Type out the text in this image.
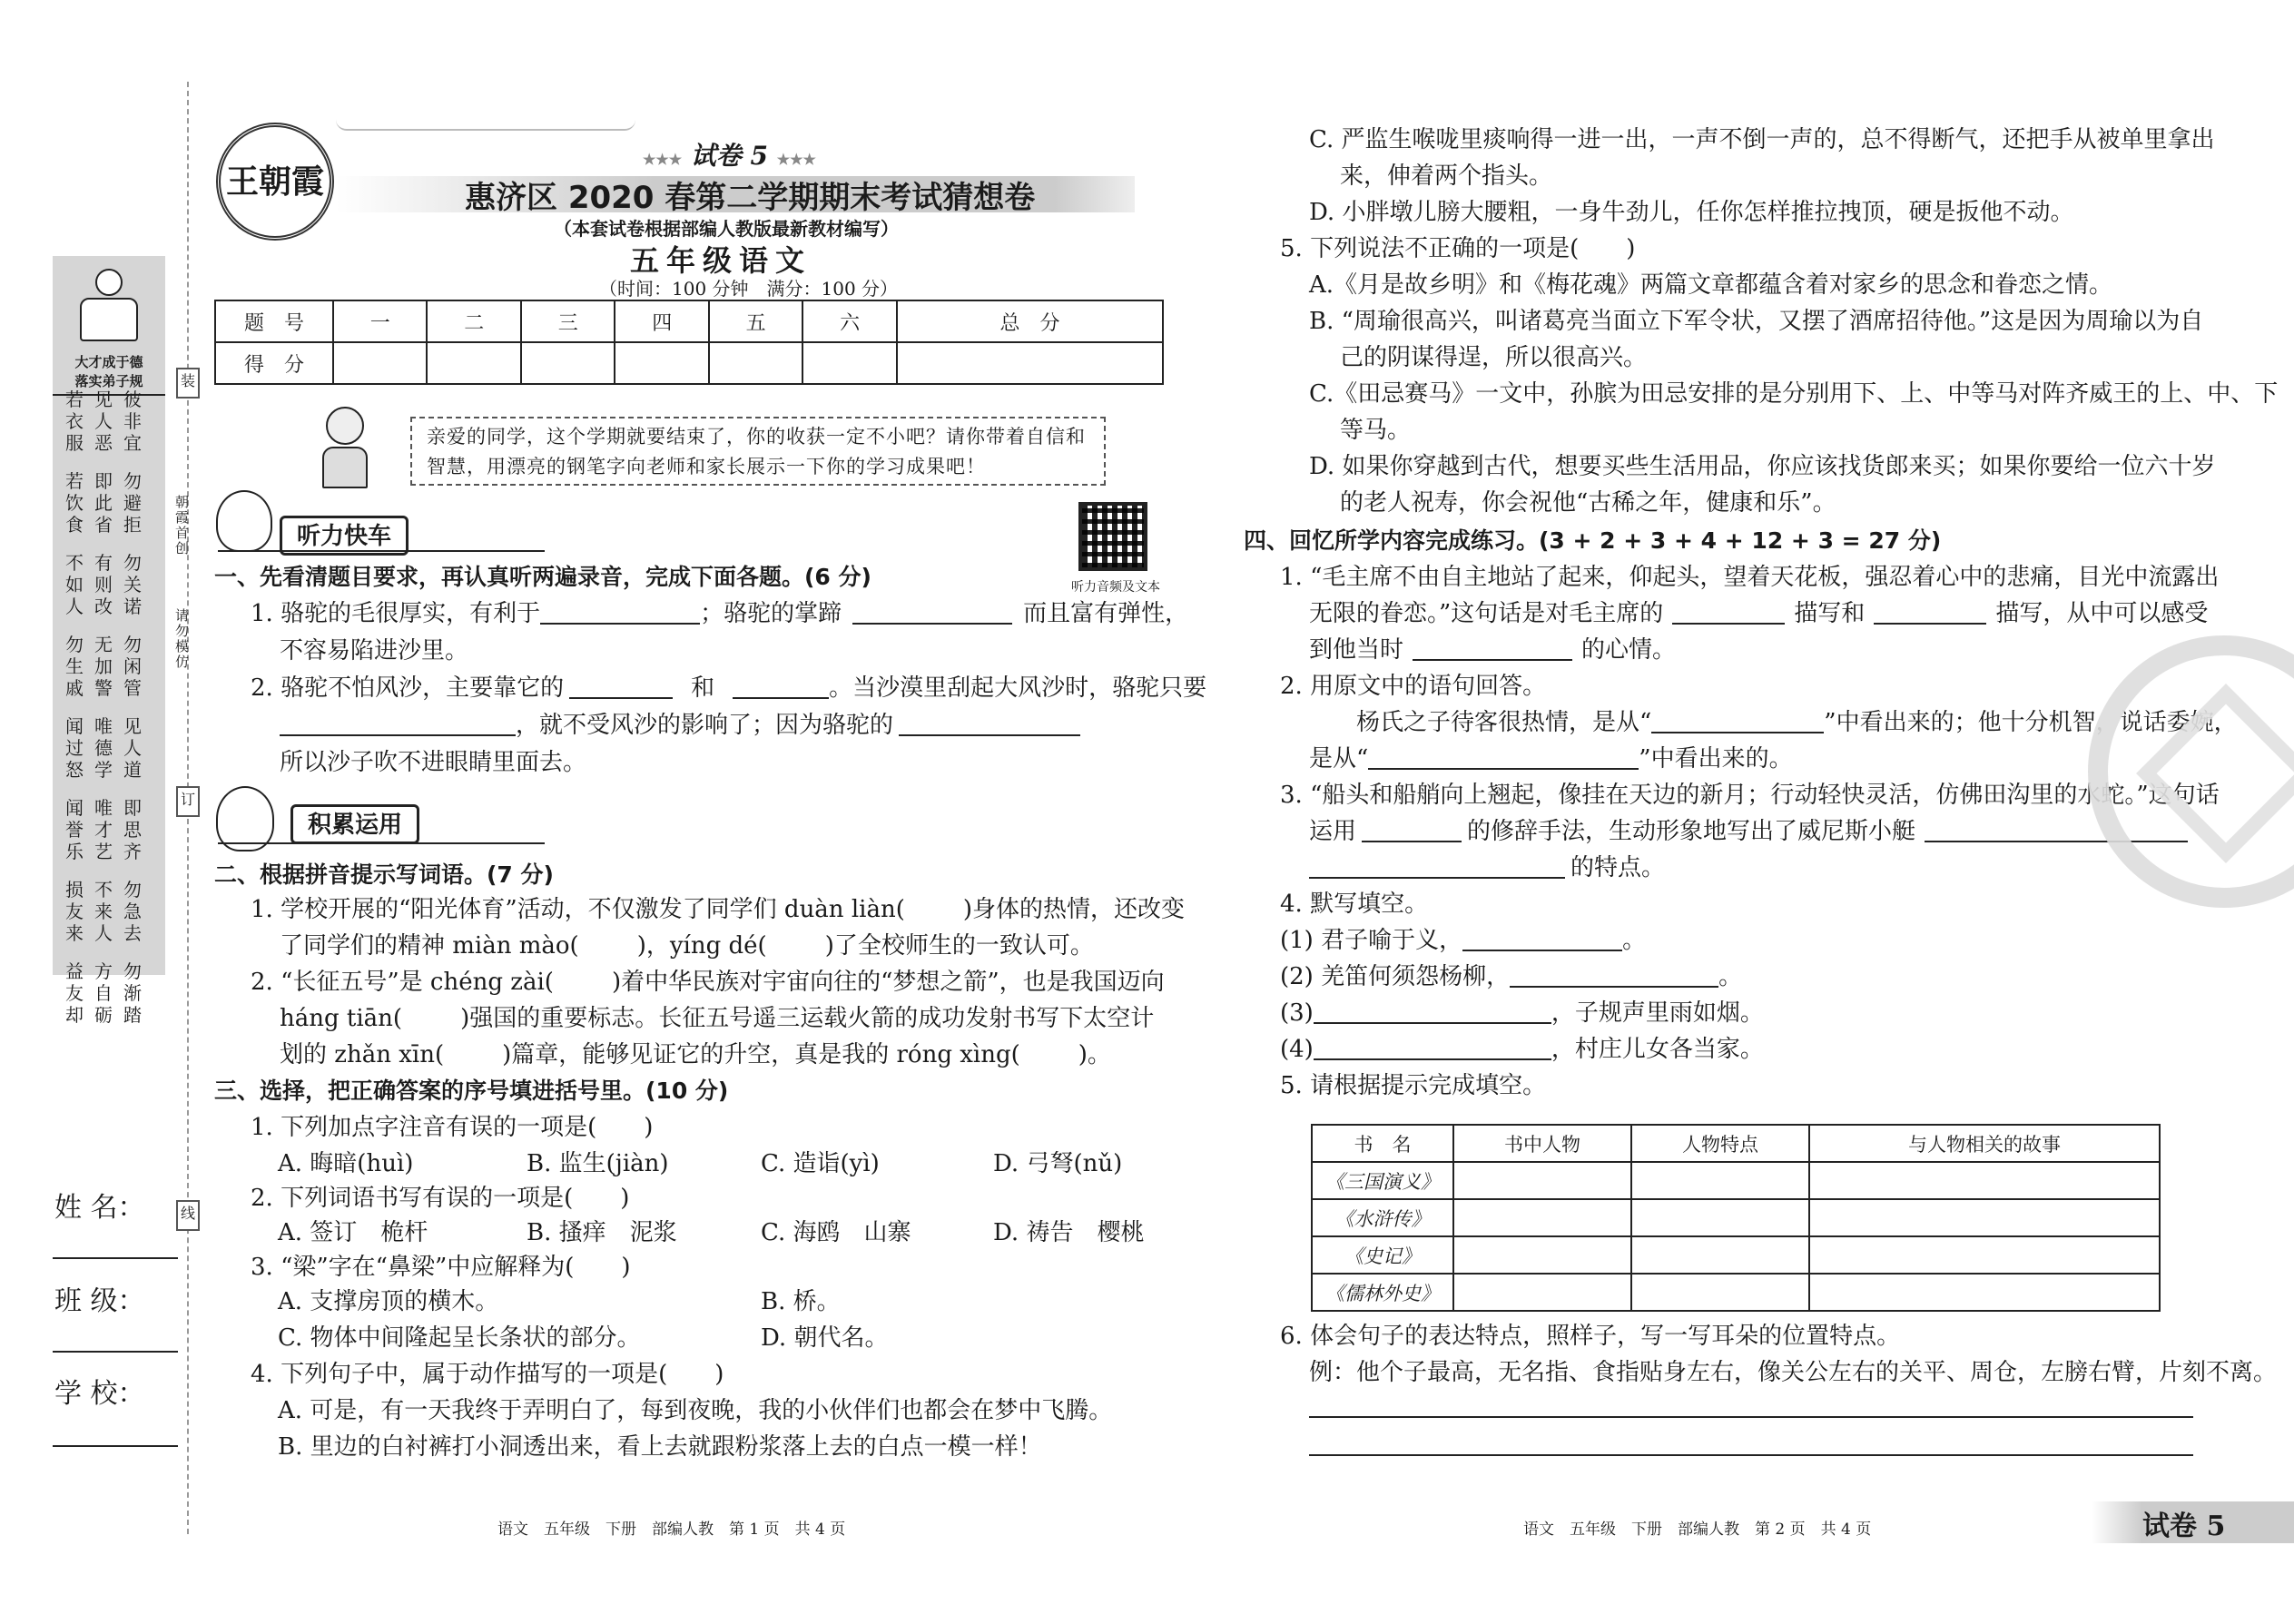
装
订
线
朝霞首创
请勿模仿
大才成于德
落实弟子规
若见彼
衣人非
服恶宜
若即勿
饮此避
食省拒
不有勿
如则关
人改诺
勿无勿
生加闲
戚警管
闻唯见
过德人
怒学道
闻唯即
誉才思
乐艺齐
损不勿
友来急
来人去
益方勿
友自渐
却砺踏
姓 名：
班 级：
学 校：
王朝霞
★★★ 试卷 5 ★★★
惠济区 2020 春第二学期期末考试猜想卷
（本套试卷根据部编人教版最新教材编写）
五年级语文
（时间：100 分钟　满分：100 分）
题　号	一	二	三	四	五	六	总　分
得　分							
亲爱的同学，这个学期就要结束了，你的收获一定不小吧？请你带着自信和智慧，用漂亮的钢笔字向老师和家长展示一下你的学习成果吧！
听力快车
听力音频及文本
一、先看清题目要求，再认真听两遍录音，完成下面各题。(6 分)
1. 骆驼的毛很厚实，有利于	；骆驼的掌蹄	而且富有弹性，
不容易陷进沙里。
2. 骆驼不怕风沙，主要靠它的	和	。当沙漠里刮起大风沙时，骆驼只要
，就不受风沙的影响了；因为骆驼的
所以沙子吹不进眼睛里面去。
积累运用
二、根据拼音提示写词语。(7 分)
1. 学校开展的“阳光体育”活动，不仅激发了同学们 duàn liàn( )身体的热情，还改变
了同学们的精神 miàn mào( )，yíng dé( )了全校师生的一致认可。
2. “长征五号”是 chéng zài( )着中华民族对宇宙向往的“梦想之箭”，也是我国迈向
háng tiān( )强国的重要标志。长征五号遥三运载火箭的成功发射书写下太空计
划的 zhǎn xīn( )篇章，能够见证它的升空，真是我的 róng xìng( )。
三、选择，把正确答案的序号填进括号里。(10 分)
1. 下列加点字注音有误的一项是(　　)
A. 晦暗(huì)	B. 监生(jiàn)	C. 造诣(yì)	D. 弓弩(nǔ)
2. 下列词语书写有误的一项是(　　)
A. 签订　桅杆	B. 搔痒　泥浆	C. 海鸥　山寨	D. 祷告　樱桃
3. “梁”字在“鼻梁”中应解释为(　　)
A. 支撑房顶的横木。	B. 桥。
C. 物体中间隆起呈长条状的部分。	D. 朝代名。
4. 下列句子中，属于动作描写的一项是(　　)
A. 可是，有一天我终于弄明白了，每到夜晚，我的小伙伴们也都会在梦中飞腾。
B. 里边的白衬裤打小洞透出来，看上去就跟粉浆落上去的白点一模一样！
语文　五年级　下册　部编人教　第 1 页　共 4 页
C. 严监生喉咙里痰响得一进一出，一声不倒一声的，总不得断气，还把手从被单里拿出
来，伸着两个指头。
D. 小胖墩儿膀大腰粗，一身牛劲儿，任你怎样推拉拽顶，硬是扳他不动。
5. 下列说法不正确的一项是(　　)
A.《月是故乡明》和《梅花魂》两篇文章都蕴含着对家乡的思念和眷恋之情。
B. “周瑜很高兴，叫诸葛亮当面立下军令状，又摆了酒席招待他。”这是因为周瑜以为自
己的阴谋得逞，所以很高兴。
C.《田忌赛马》一文中，孙膑为田忌安排的是分别用下、上、中等马对阵齐威王的上、中、下
等马。
D. 如果你穿越到古代，想要买些生活用品，你应该找货郎来买；如果你要给一位六十岁
的老人祝寿，你会祝他“古稀之年，健康和乐”。
四、回忆所学内容完成练习。(3 + 2 + 3 + 4 + 12 + 3 = 27 分)
1. “毛主席不由自主地站了起来，仰起头，望着天花板，强忍着心中的悲痛，目光中流露出
无限的眷恋。”这句话是对毛主席的	描写和	描写，从中可以感受
到他当时	的心情。
2. 用原文中的语句回答。
杨氏之子待客很热情，是从“	”中看出来的；他十分机智，说话委婉，
是从“	”中看出来的。
3. “船头和船艄向上翘起，像挂在天边的新月；行动轻快灵活，仿佛田沟里的水蛇。”这句话
运用	的修辞手法，生动形象地写出了威尼斯小艇
的特点。
4. 默写填空。
(1) 君子喻于义，	。
(2) 羌笛何须怨杨柳，	。
(3)	，子规声里雨如烟。
(4)	，村庄儿女各当家。
5. 请根据提示完成填空。
书　名	书中人物	人物特点	与人物相关的故事
《三国演义》			
《水浒传》			
《史记》			
《儒林外史》			
6. 体会句子的表达特点，照样子，写一写耳朵的位置特点。
例：他个子最高，无名指、食指贴身左右，像关公左右的关平、周仓，左膀右臂，片刻不离。
语文　五年级　下册　部编人教　第 2 页　共 4 页	试卷 5
